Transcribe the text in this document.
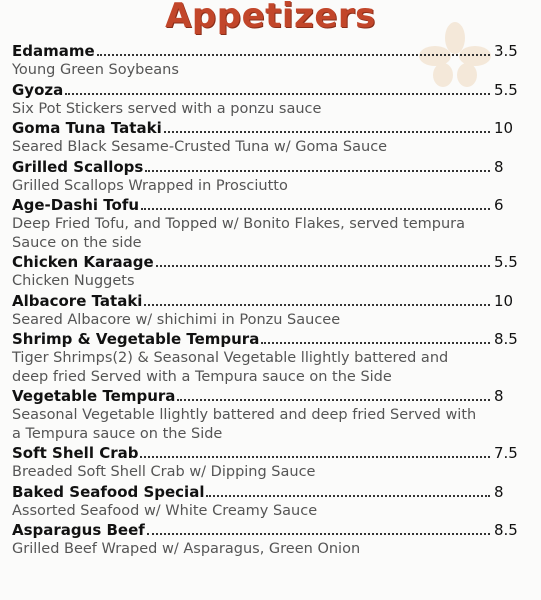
Appetizers
Edamame	3.5
Young Green Soybeans
Gyoza	5.5
Six Pot Stickers served with a ponzu sauce
Goma Tuna Tataki	10
Seared Black Sesame-Crusted Tuna w/ Goma Sauce
Grilled Scallops	8
Grilled Scallops Wrapped in Prosciutto
Age-Dashi Tofu	6
Deep Fried Tofu, and Topped w/ Bonito Flakes, served tempura Sauce on the side
Chicken Karaage	5.5
Chicken Nuggets
Albacore Tataki	10
Seared Albacore w/ shichimi in Ponzu Saucee
Shrimp & Vegetable Tempura	8.5
Tiger Shrimps(2) & Seasonal Vegetable llightly battered and deep fried Served with a Tempura sauce on the Side
Vegetable Tempura	8
Seasonal Vegetable llightly battered and deep fried Served with a Tempura sauce on the Side
Soft Shell Crab	7.5
Breaded Soft Shell Crab w/ Dipping Sauce
Baked Seafood Special	8
Assorted Seafood w/ White Creamy Sauce
Asparagus Beef	8.5
Grilled Beef Wraped w/ Asparagus, Green Onion
